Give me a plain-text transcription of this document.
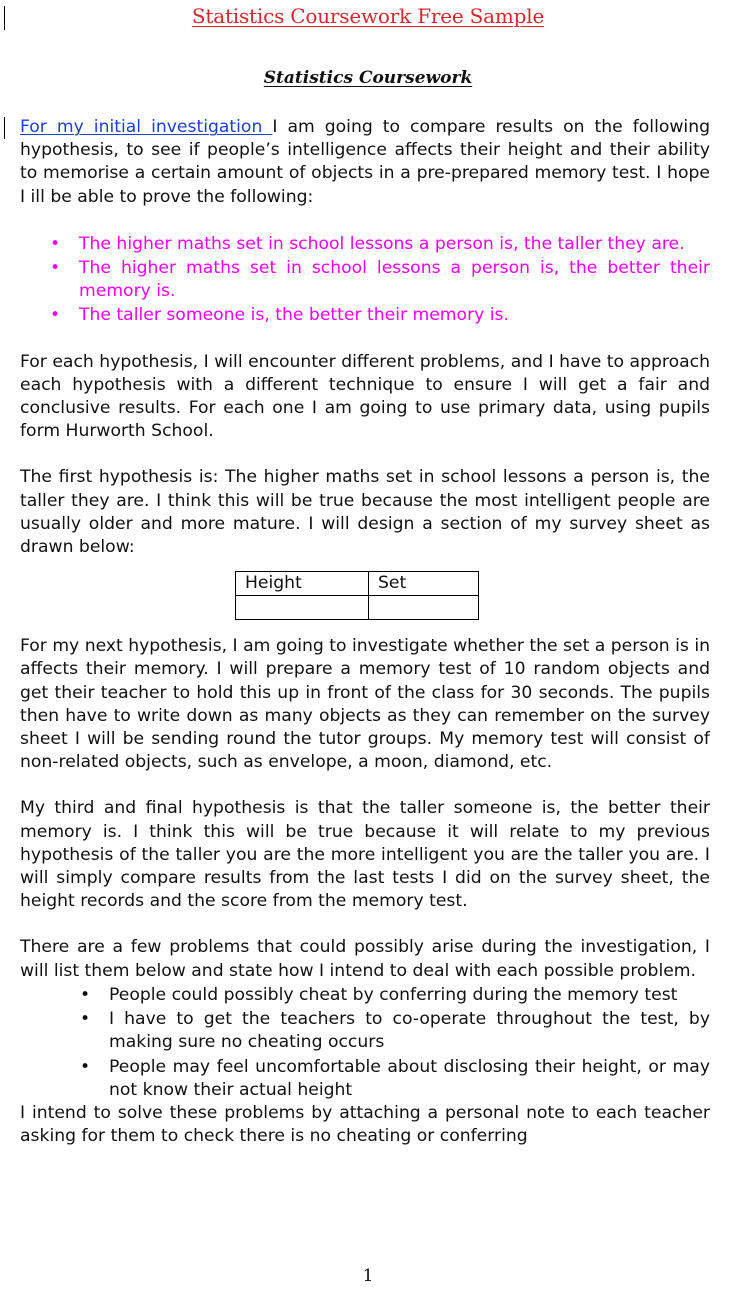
Statistics Coursework Free Sample
Statistics Coursework

For my initial investigation I am going to compare results on the following hypothesis, to see if people’s intelligence affects their height and their ability to memorise a certain amount of objects in a pre-prepared memory test. I hope I ill be able to prove the following:

• The higher maths set in school lessons a person is, the taller they are.
• The higher maths set in school lessons a person is, the better their memory is.
• The taller someone is, the better their memory is.

For each hypothesis, I will encounter different problems, and I have to approach each hypothesis with a different technique to ensure I will get a fair and conclusive results. For each one I am going to use primary data, using pupils form Hurworth School.

The first hypothesis is: The higher maths set in school lessons a person is, the taller they are. I think this will be true because the most intelligent people are usually older and more mature. I will design a section of my survey sheet as drawn below:

Height	Set

For my next hypothesis, I am going to investigate whether the set a person is in affects their memory. I will prepare a memory test of 10 random objects and get their teacher to hold this up in front of the class for 30 seconds. The pupils then have to write down as many objects as they can remember on the survey sheet I will be sending round the tutor groups. My memory test will consist of non-related objects, such as envelope, a moon, diamond, etc.

My third and final hypothesis is that the taller someone is, the better their memory is. I think this will be true because it will relate to my previous hypothesis of the taller you are the more intelligent you are the taller you are. I will simply compare results from the last tests I did on the survey sheet, the height records and the score from the memory test.

There are a few problems that could possibly arise during the investigation, I will list them below and state how I intend to deal with each possible problem.

• People could possibly cheat by conferring during the memory test
• I have to get the teachers to co-operate throughout the test, by making sure no cheating occurs
• People may feel uncomfortable about disclosing their height, or may not know their actual height

I intend to solve these problems by attaching a personal note to each teacher asking for them to check there is no cheating or conferring

1
